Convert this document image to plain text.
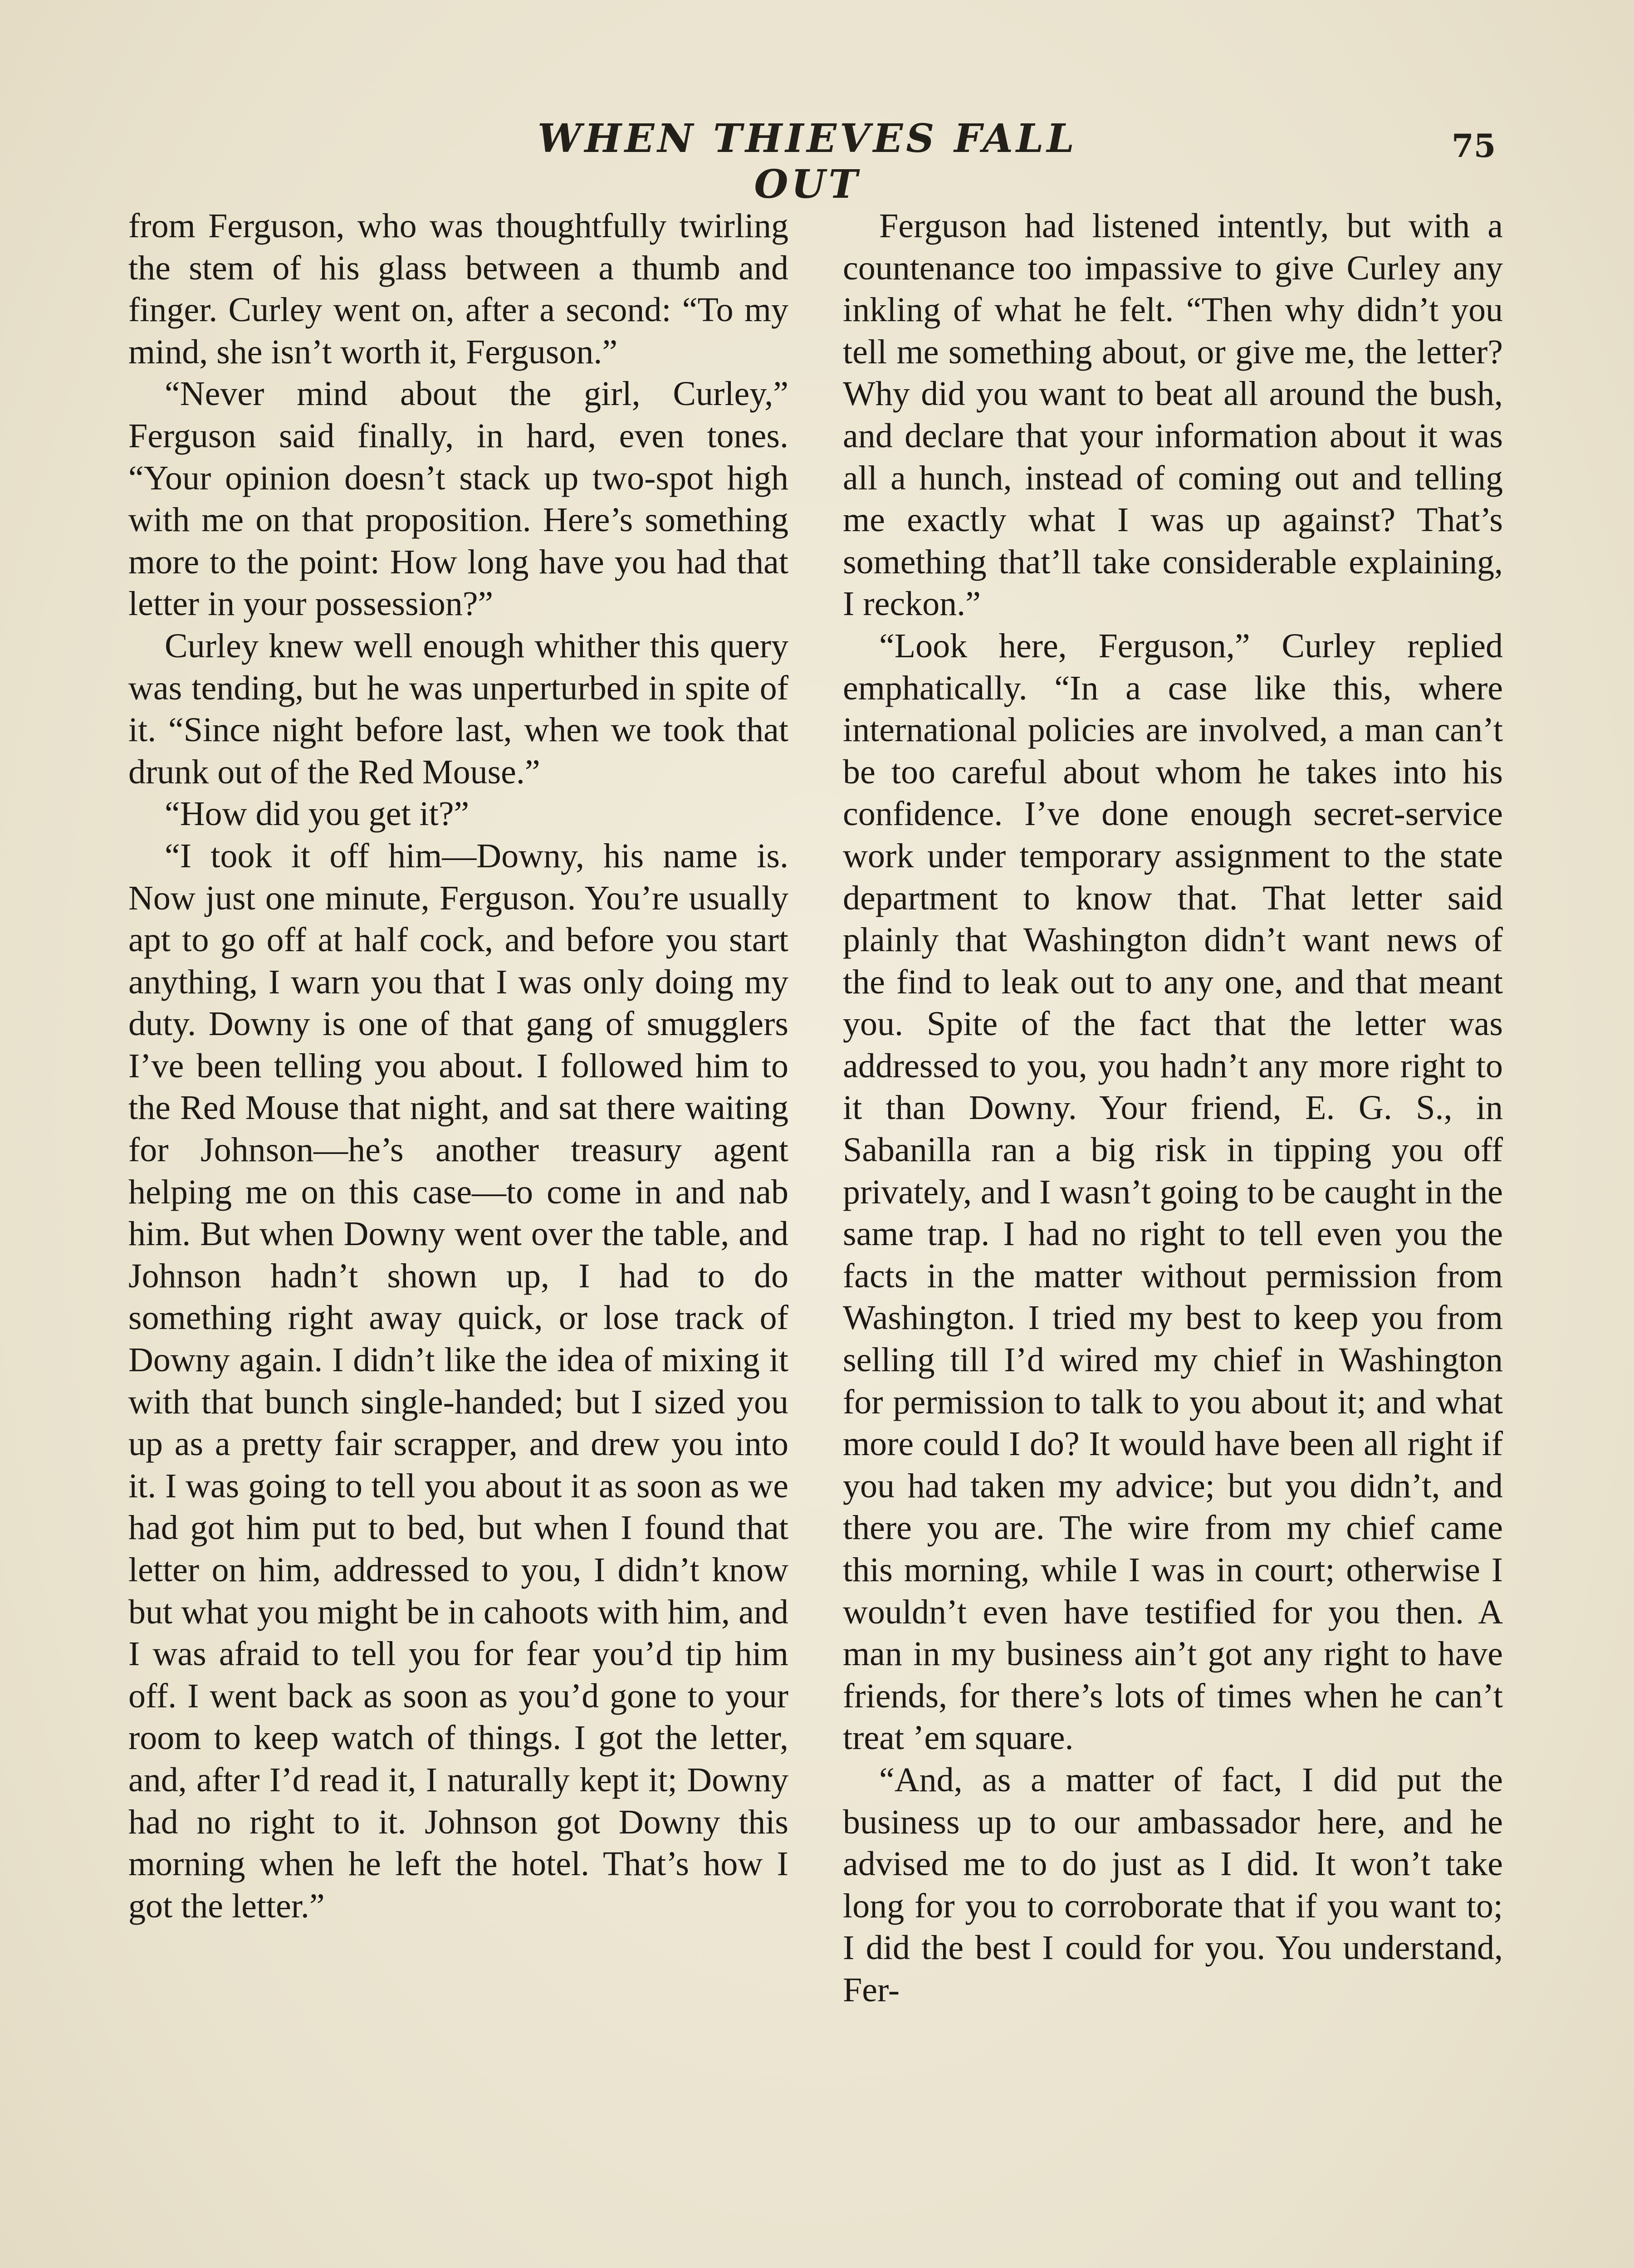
WHEN THIEVES FALL OUT
75

from Ferguson, who was thoughtfully twirling the stem of his glass between a thumb and finger. Curley went on, after a second: “To my mind, she isn’t worth it, Ferguson.”

“Never mind about the girl, Curley,” Ferguson said finally, in hard, even tones. “Your opinion doesn’t stack up two-spot high with me on that proposition. Here’s something more to the point: How long have you had that letter in your possession?”

Curley knew well enough whither this query was tending, but he was unperturbed in spite of it. “Since night before last, when we took that drunk out of the Red Mouse.”

“How did you get it?”

“I took it off him—Downy, his name is. Now just one minute, Ferguson. You’re usually apt to go off at half cock, and before you start anything, I warn you that I was only doing my duty. Downy is one of that gang of smugglers I’ve been telling you about. I followed him to the Red Mouse that night, and sat there waiting for Johnson—he’s another treasury agent helping me on this case—to come in and nab him. But when Downy went over the table, and Johnson hadn’t shown up, I had to do something right away quick, or lose track of Downy again. I didn’t like the idea of mixing it with that bunch single-handed; but I sized you up as a pretty fair scrapper, and drew you into it. I was going to tell you about it as soon as we had got him put to bed, but when I found that letter on him, addressed to you, I didn’t know but what you might be in cahoots with him, and I was afraid to tell you for fear you’d tip him off. I went back as soon as you’d gone to your room to keep watch of things. I got the letter, and, after I’d read it, I naturally kept it; Downy had no right to it. Johnson got Downy this morning when he left the hotel. That’s how I got the letter.”

Ferguson had listened intently, but with a countenance too impassive to give Curley any inkling of what he felt. “Then why didn’t you tell me something about, or give me, the letter? Why did you want to beat all around the bush, and declare that your information about it was all a hunch, instead of coming out and telling me exactly what I was up against? That’s something that’ll take considerable explaining, I reckon.”

“Look here, Ferguson,” Curley replied emphatically. “In a case like this, where international policies are involved, a man can’t be too careful about whom he takes into his confidence. I’ve done enough secret-service work under temporary assignment to the state department to know that. That letter said plainly that Washington didn’t want news of the find to leak out to any one, and that meant you. Spite of the fact that the letter was addressed to you, you hadn’t any more right to it than Downy. Your friend, E. G. S., in Sabanilla ran a big risk in tipping you off privately, and I wasn’t going to be caught in the same trap. I had no right to tell even you the facts in the matter without permission from Washington. I tried my best to keep you from selling till I’d wired my chief in Washington for permission to talk to you about it; and what more could I do? It would have been all right if you had taken my advice; but you didn’t, and there you are. The wire from my chief came this morning, while I was in court; otherwise I wouldn’t even have testified for you then. A man in my business ain’t got any right to have friends, for there’s lots of times when he can’t treat ’em square.

“And, as a matter of fact, I did put the business up to our ambassador here, and he advised me to do just as I did. It won’t take long for you to corroborate that if you want to; I did the best I could for you. You understand, Fer-
